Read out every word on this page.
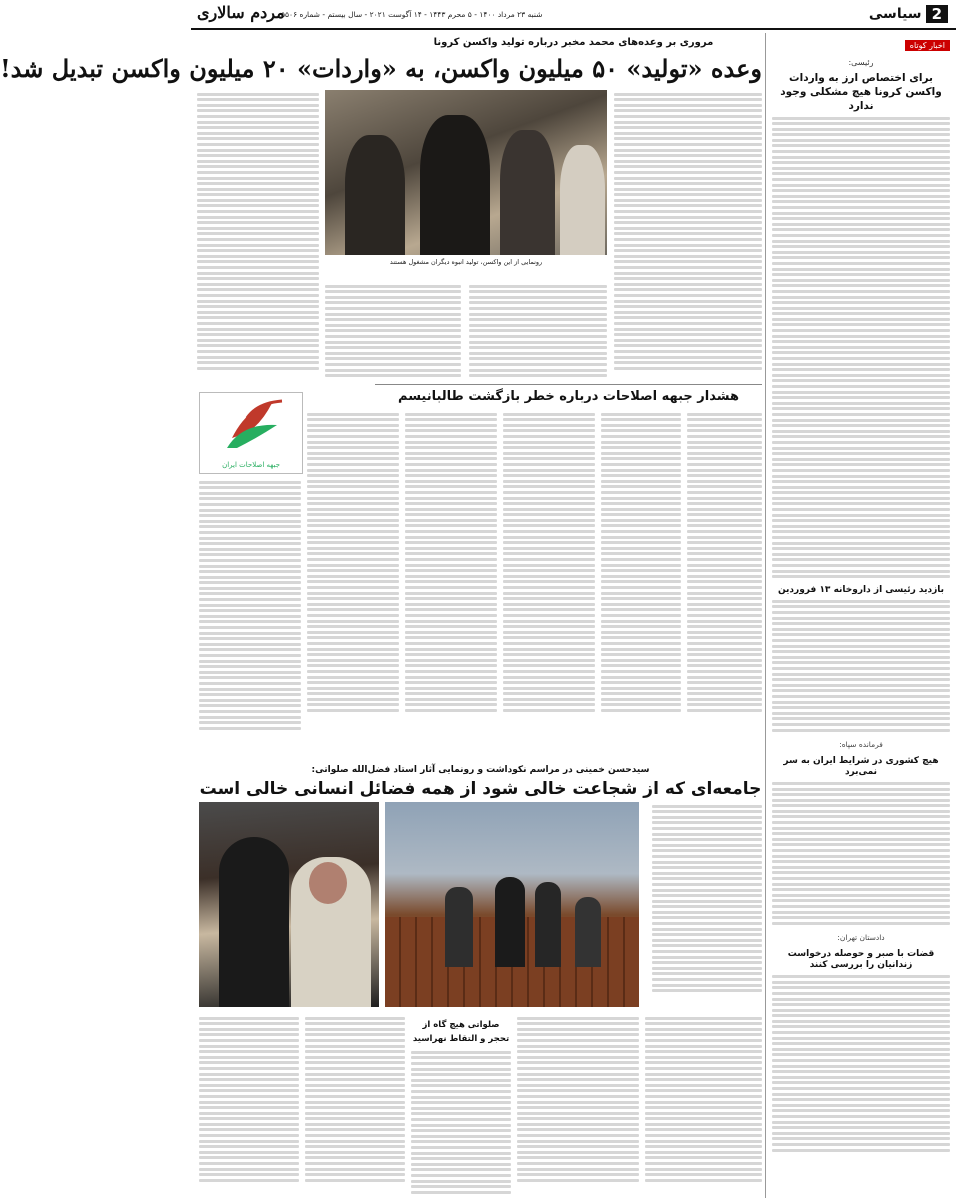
2
سیاسی
شنبه ۲۳ مرداد ۱۴۰۰ - ۵ محرم ۱۴۴۳ - ۱۴ آگوست ۲۰۲۱ - سال بیستم - شماره ۵۵۰۶
مردم سالاری
اخبار کوتاه
رئیسی:
برای اختصاص ارز به واردات واکسن کرونا هیچ مشکلی وجود ندارد
بازدید رئیسی از داروخانه ۱۳ فروردین
فرمانده سپاه:
هیچ کشوری در شرایط ایران به سر نمی‌برد
دادستان تهران:
قضات با صبر و حوصله درخواست زندانیان را بررسی کنند
مروری بر وعده‌های محمد مخبر درباره تولید واکسن کرونا
وعده «تولید» ۵۰ میلیون واکسن، به «واردات» ۲۰ میلیون واکسن تبدیل شد!
رونمایی از این واکسن، تولید انبوه دیگران مشغول هستند
هشدار جبهه اصلاحات درباره خطر بازگشت طالبانیسم
جبهه اصلاحات ایران
سیدحسن خمینی در مراسم نکوداشت و رونمایی آثار استاد فضل‌الله صلواتی:
جامعه‌ای که از شجاعت خالی شود از همه فضائل انسانی خالی است
صلواتی هیچ گاه از تحجر و التقاط نهراسید
